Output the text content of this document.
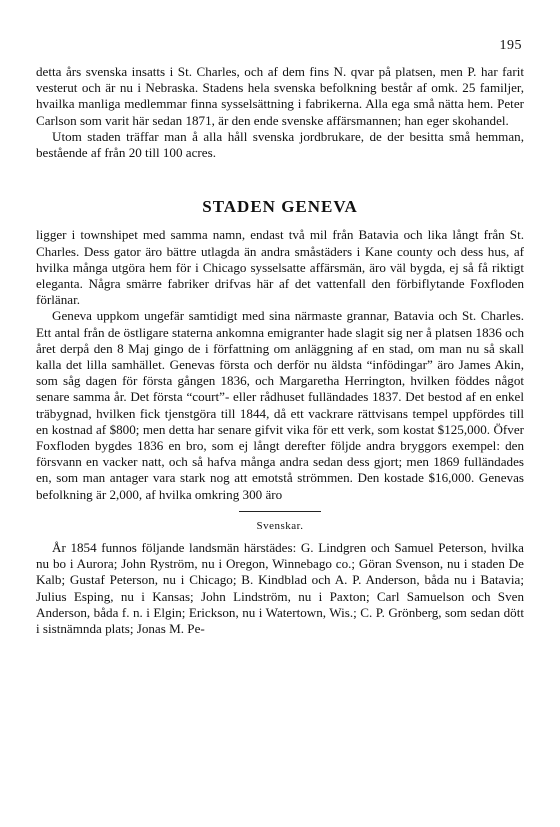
195

detta års svenska insatts i St. Charles, och af dem fins N. qvar på platsen, men P. har farit vesterut och är nu i Nebraska. Stadens hela svenska befolkning består af omk. 25 familjer, hvailka manliga medlemmar finna sysselsättning i fabrikerna. Alla ega små nätta hem. Peter Carlson som varit här sedan 1871, är den ende svenske affärsmannen; han eger skohandel.

Utom staden träffar man å alla håll svenska jordbrukare, de der besitta små hemman, bestående af från 20 till 100 acres.

STADEN GENEVA

ligger i townshipet med samma namn, endast två mil från Batavia och lika långt från St. Charles. Dess gator äro bättre utlagda än andra småstäders i Kane county och dess hus, af hvilka många utgöra hem för i Chicago sysselsatte affärsmän, äro väl bygda, ej så få riktigt eleganta. Några smärre fabriker drifvas här af det vattenfall den förbiflytande Foxfloden förlänar.

Geneva uppkom ungefär samtidigt med sina närmaste grannar, Batavia och St. Charles. Ett antal från de östligare staterna ankomna emigranter hade slagit sig ner å platsen 1836 och året derpå den 8 Maj gingo de i författning om anläggning af en stad, om man nu så skall kalla det lilla samhället. Genevas första och derför nu äldsta “infödingar” äro James Akin, som såg dagen för första gången 1836, och Margaretha Herrington, hvilken föddes något senare samma år. Det första “court”- eller rådhuset fulländades 1837. Det bestod af en enkel träbygnad, hvilken fick tjenstgöra till 1844, då ett vackrare rättvisans tempel uppfördes till en kostnad af $800; men detta har senare gifvit vika för ett verk, som kostat $125,000. Öfver Foxfloden bygdes 1836 en bro, som ej långt derefter följde andra bryggors exempel: den försvann en vacker natt, och så hafva många andra sedan dess gjort; men 1869 fulländades en, som man antager vara stark nog att emotstå strömmen. Den kostade $16,000. Genevas befolkning är 2,000, af hvilka omkring 300 äro

Svenskar.

År 1854 funnos följande landsmän härstädes: G. Lindgren och Samuel Peterson, hvilka nu bo i Aurora; John Ryström, nu i Oregon, Winnebago co.; Göran Svenson, nu i staden De Kalb; Gustaf Peterson, nu i Chicago; B. Kindblad och A. P. Anderson, båda nu i Batavia; Julius Esping, nu i Kansas; John Lindström, nu i Paxton; Carl Samuelson och Sven Anderson, båda f. n. i Elgin; Erickson, nu i Watertown, Wis.; C. P. Grönberg, som sedan dött i sistnämnda plats; Jonas M. Pe-
